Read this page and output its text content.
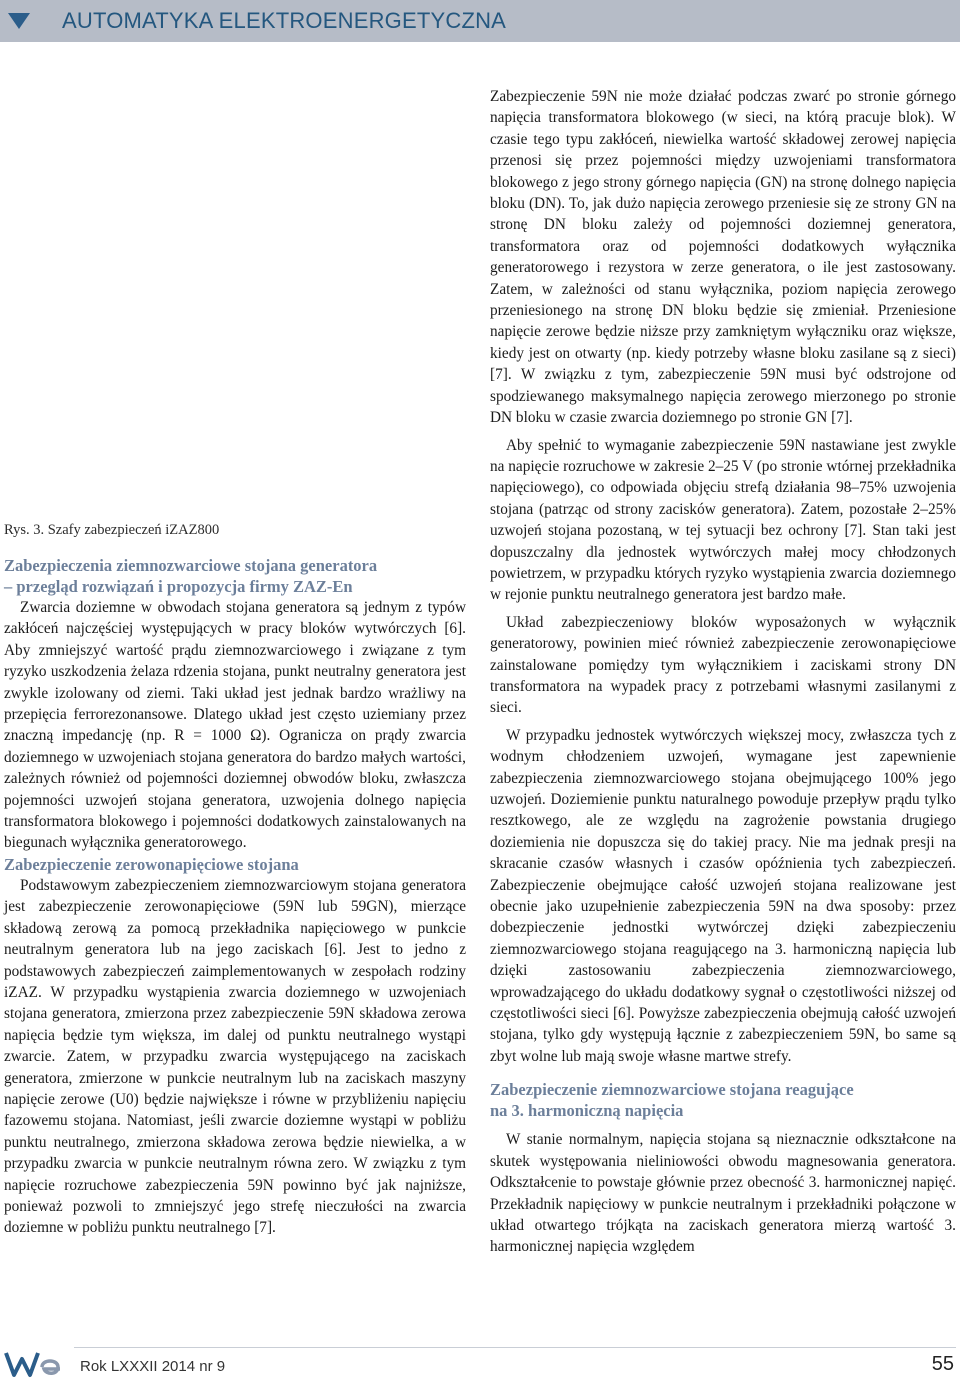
AUTOMATYKA ELEKTROENERGETYCZNA
Rys. 3. Szafy zabezpieczeń iZAZ800
Zabezpieczenia ziemnozwarciowe stojana generatora
– przegląd rozwiązań i propozycja firmy ZAZ-En

Zwarcia doziemne w obwodach stojana generatora są jednym z typów zakłóceń najczęściej występujących w pracy bloków wytwórczych [6]. Aby zmniejszyć wartość prądu ziemnozwarciowego i związane z tym ryzyko uszkodzenia żelaza rdzenia stojana, punkt neutralny generatora jest zwykle izolowany od ziemi. Taki układ jest jednak bardzo wrażliwy na przepięcia ferrorezonansowe. Dlatego układ jest często uziemiany przez znaczną impedancję (np. R = 1000 Ω). Ogranicza on prądy zwarcia doziemnego w uzwojeniach stojana generatora do bardzo małych wartości, zależnych również od pojemności doziemnej obwodów bloku, zwłaszcza pojemności uzwojeń stojana generatora, uzwojenia dolnego napięcia transformatora blokowego i pojemności dodatkowych zainstalowanych na biegunach wyłącznika generatorowego.

Zabezpieczenie zerowonapięciowe stojana

Podstawowym zabezpieczeniem ziemnozwarciowym stojana generatora jest zabezpieczenie zerowonapięciowe (59N lub 59GN), mierzące składową zerową za pomocą przekładnika napięciowego w punkcie neutralnym generatora lub na jego zaciskach [6]. Jest to jedno z podstawowych zabezpieczeń zaimplementowanych w zespołach rodziny iZAZ. W przypadku wystąpienia zwarcia doziemnego w uzwojeniach stojana generatora, zmierzona przez zabezpieczenie 59N składowa zerowa napięcia będzie tym większa, im dalej od punktu neutralnego wystąpi zwarcie. Zatem, w przypadku zwarcia występującego na zaciskach generatora, zmierzone w punkcie neutralnym lub na zaciskach maszyny napięcie zerowe (U0) będzie największe i równe w przybliżeniu napięciu fazowemu stojana. Natomiast, jeśli zwarcie doziemne wystąpi w pobliżu punktu neutralnego, zmierzona składowa zerowa będzie niewielka, a w przypadku zwarcia w punkcie neutralnym równa zero. W związku z tym napięcie rozruchowe zabezpieczenia 59N powinno być jak najniższe, ponieważ pozwoli to zmniejszyć jego strefę nieczułości na zwarcia doziemne w pobliżu punktu neutralnego [7].

Zabezpieczenie 59N nie może działać podczas zwarć po stronie górnego napięcia transformatora blokowego (w sieci, na którą pracuje blok). W czasie tego typu zakłóceń, niewielka wartość składowej zerowej napięcia przenosi się przez pojemności między uzwojeniami transformatora blokowego z jego strony górnego napięcia (GN) na stronę dolnego napięcia bloku (DN). To, jak dużo napięcia zerowego przeniesie się ze strony GN na stronę DN bloku zależy od pojemności doziemnej generatora, transformatora oraz od pojemności dodatkowych wyłącznika generatorowego i rezystora w zerze generatora, o ile jest zastosowany. Zatem, w zależności od stanu wyłącznika, poziom napięcia zerowego przeniesionego na stronę DN bloku będzie się zmieniał. Przeniesione napięcie zerowe będzie niższe przy zamkniętym wyłączniku oraz większe, kiedy jest on otwarty (np. kiedy potrzeby własne bloku zasilane są z sieci) [7]. W związku z tym, zabezpieczenie 59N musi być odstrojone od spodziewanego maksymalnego napięcia zerowego mierzonego po stronie DN bloku w czasie zwarcia doziemnego po stronie GN [7].

Aby spełnić to wymaganie zabezpieczenie 59N nastawiane jest zwykle na napięcie rozruchowe w zakresie 2–25 V (po stronie wtórnej przekładnika napięciowego), co odpowiada objęciu strefą działania 98–75% uzwojenia stojana (patrząc od strony zacisków generatora). Zatem, pozostałe 2–25% uzwojeń stojana pozostaną, w tej sytuacji bez ochrony [7]. Stan taki jest dopuszczalny dla jednostek wytwórczych małej mocy chłodzonych powietrzem, w przypadku których ryzyko wystąpienia zwarcia doziemnego w rejonie punktu neutralnego generatora jest bardzo małe.

Układ zabezpieczeniowy bloków wyposażonych w wyłącznik generatorowy, powinien mieć również zabezpieczenie zerowonapięciowe zainstalowane pomiędzy tym wyłącznikiem i zaciskami strony DN transformatora na wypadek pracy z potrzebami własnymi zasilanymi z sieci.

W przypadku jednostek wytwórczych większej mocy, zwłaszcza tych z wodnym chłodzeniem uzwojeń, wymagane jest zapewnienie zabezpieczenia ziemnozwarciowego stojana obejmującego 100% jego uzwojeń. Doziemienie punktu naturalnego powoduje przepływ prądu tylko resztkowego, ale ze względu na zagrożenie powstania drugiego doziemienia nie dopuszcza się do takiej pracy. Nie ma jednak presji na skracanie czasów własnych i czasów opóźnienia tych zabezpieczeń. Zabezpieczenie obejmujące całość uzwojeń stojana realizowane jest obecnie jako uzupełnienie zabezpieczenia 59N na dwa sposoby: przez dobezpieczenie jednostki wytwórczej dzięki zabezpieczeniu ziemnozwarciowego stojana reagującego na 3. harmoniczną napięcia lub dzięki zastosowaniu zabezpieczenia ziemnozwarciowego, wprowadzającego do układu dodatkowy sygnał o częstotliwości niższej od częstotliwości sieci [6]. Powyższe zabezpieczenia obejmują całość uzwojeń stojana, tylko gdy występują łącznie z zabezpieczeniem 59N, bo same są zbyt wolne lub mają swoje własne martwe strefy.

Zabezpieczenie ziemnozwarciowe stojana reagujące
na 3. harmoniczną napięcia

W stanie normalnym, napięcia stojana są nieznacznie odkształcone na skutek występowania nieliniowości obwodu magnesowania generatora. Odkształcenie to powstaje głównie przez obecność 3. harmonicznej napięć. Przekładnik napięciowy w punkcie neutralnym i przekładniki połączone w układ otwartego trójkąta na zaciskach generatora mierzą wartość 3. harmonicznej napięcia względem

Rok LXXXII 2014 nr 9	55
